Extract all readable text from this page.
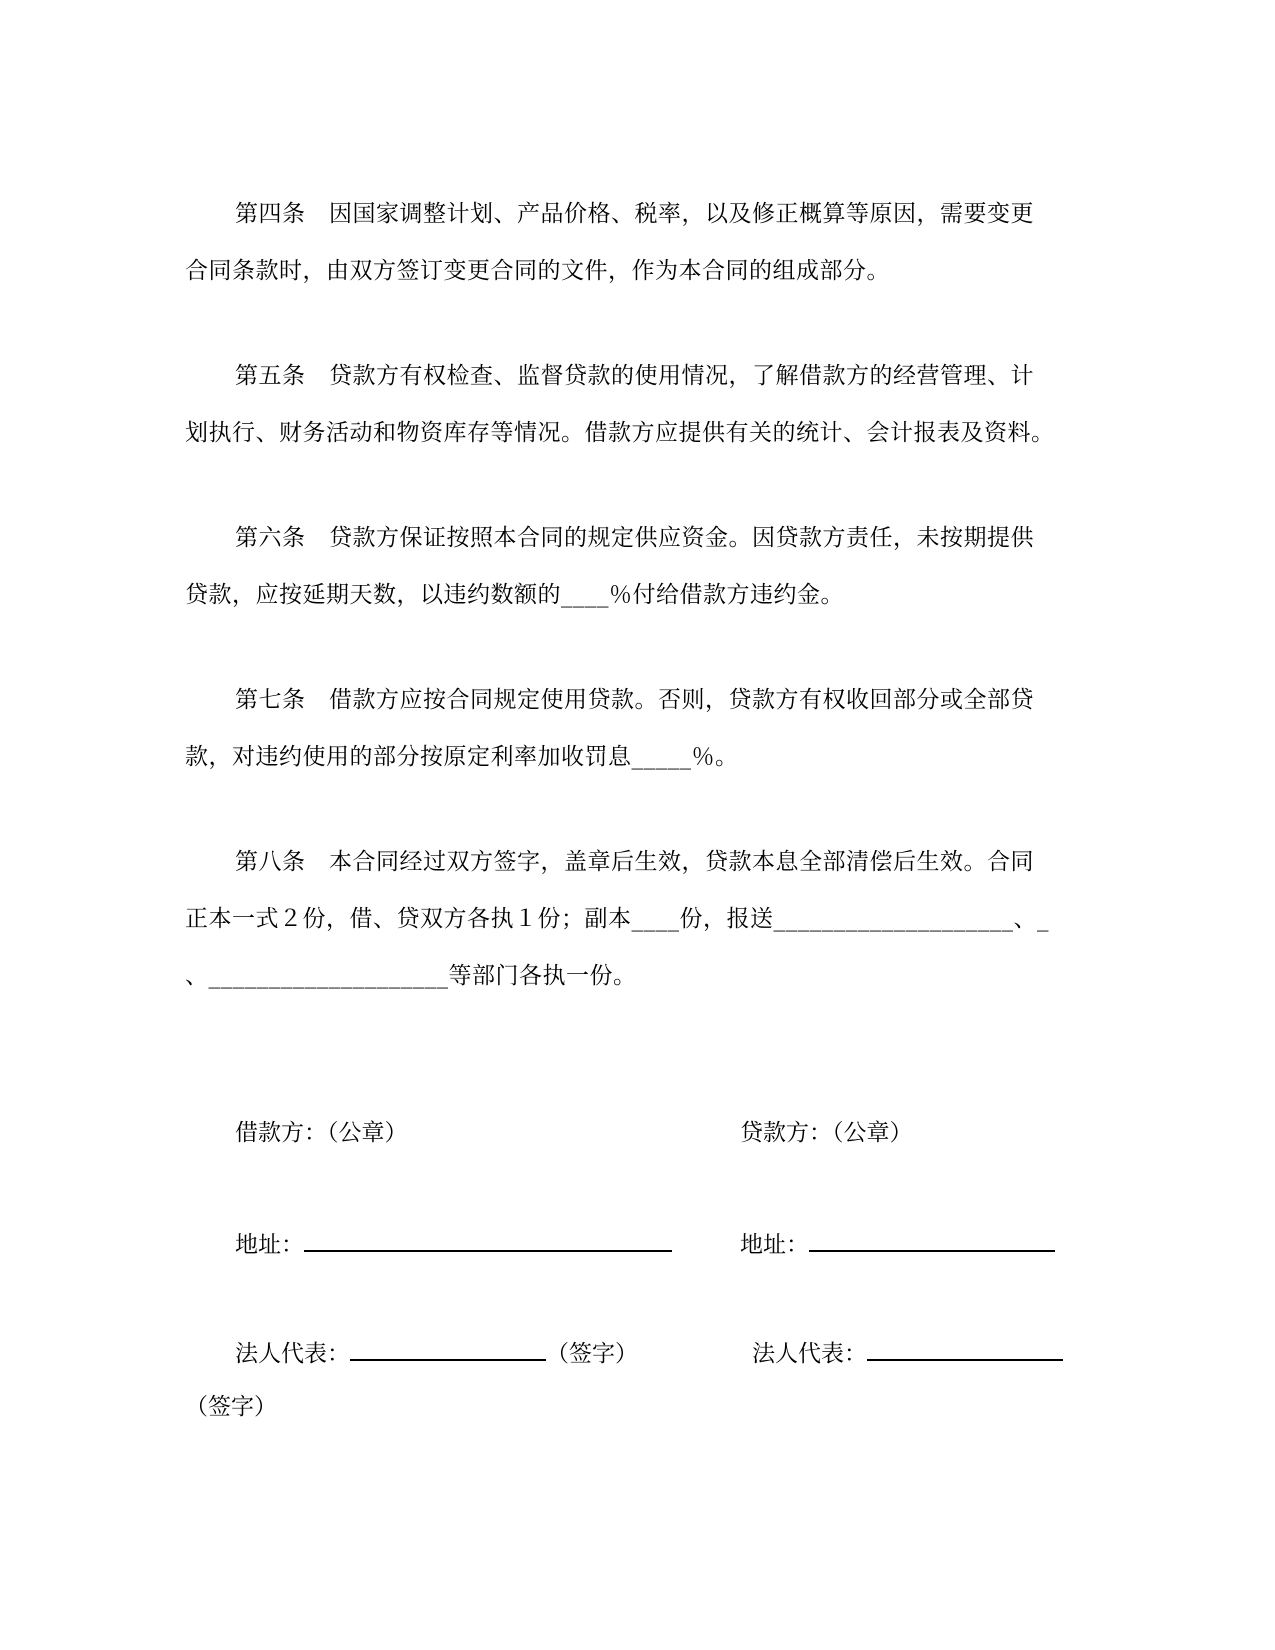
第四条　因国家调整计划、产品价格、税率，以及修正概算等原因，需要变更
合同条款时，由双方签订变更合同的文件，作为本合同的组成部分。
第五条　贷款方有权检查、监督贷款的使用情况，了解借款方的经营管理、计
划执行、财务活动和物资库存等情况。借款方应提供有关的统计、会计报表及资料。
第六条　贷款方保证按照本合同的规定供应资金。因贷款方责任，未按期提供
贷款，应按延期天数，以违约数额的____％付给借款方违约金。
第七条　借款方应按合同规定使用贷款。否则，贷款方有权收回部分或全部贷
款，对违约使用的部分按原定利率加收罚息_____％。
第八条　本合同经过双方签字，盖章后生效，贷款本息全部清偿后生效。合同
正本一式２份，借、贷双方各执１份；副本____份，报送____________________、_
、____________________等部门各执一份。
借款方：（公章）	贷款方：（公章）
地址：	地址：
法人代表：	（签字）	法人代表：
（签字）
